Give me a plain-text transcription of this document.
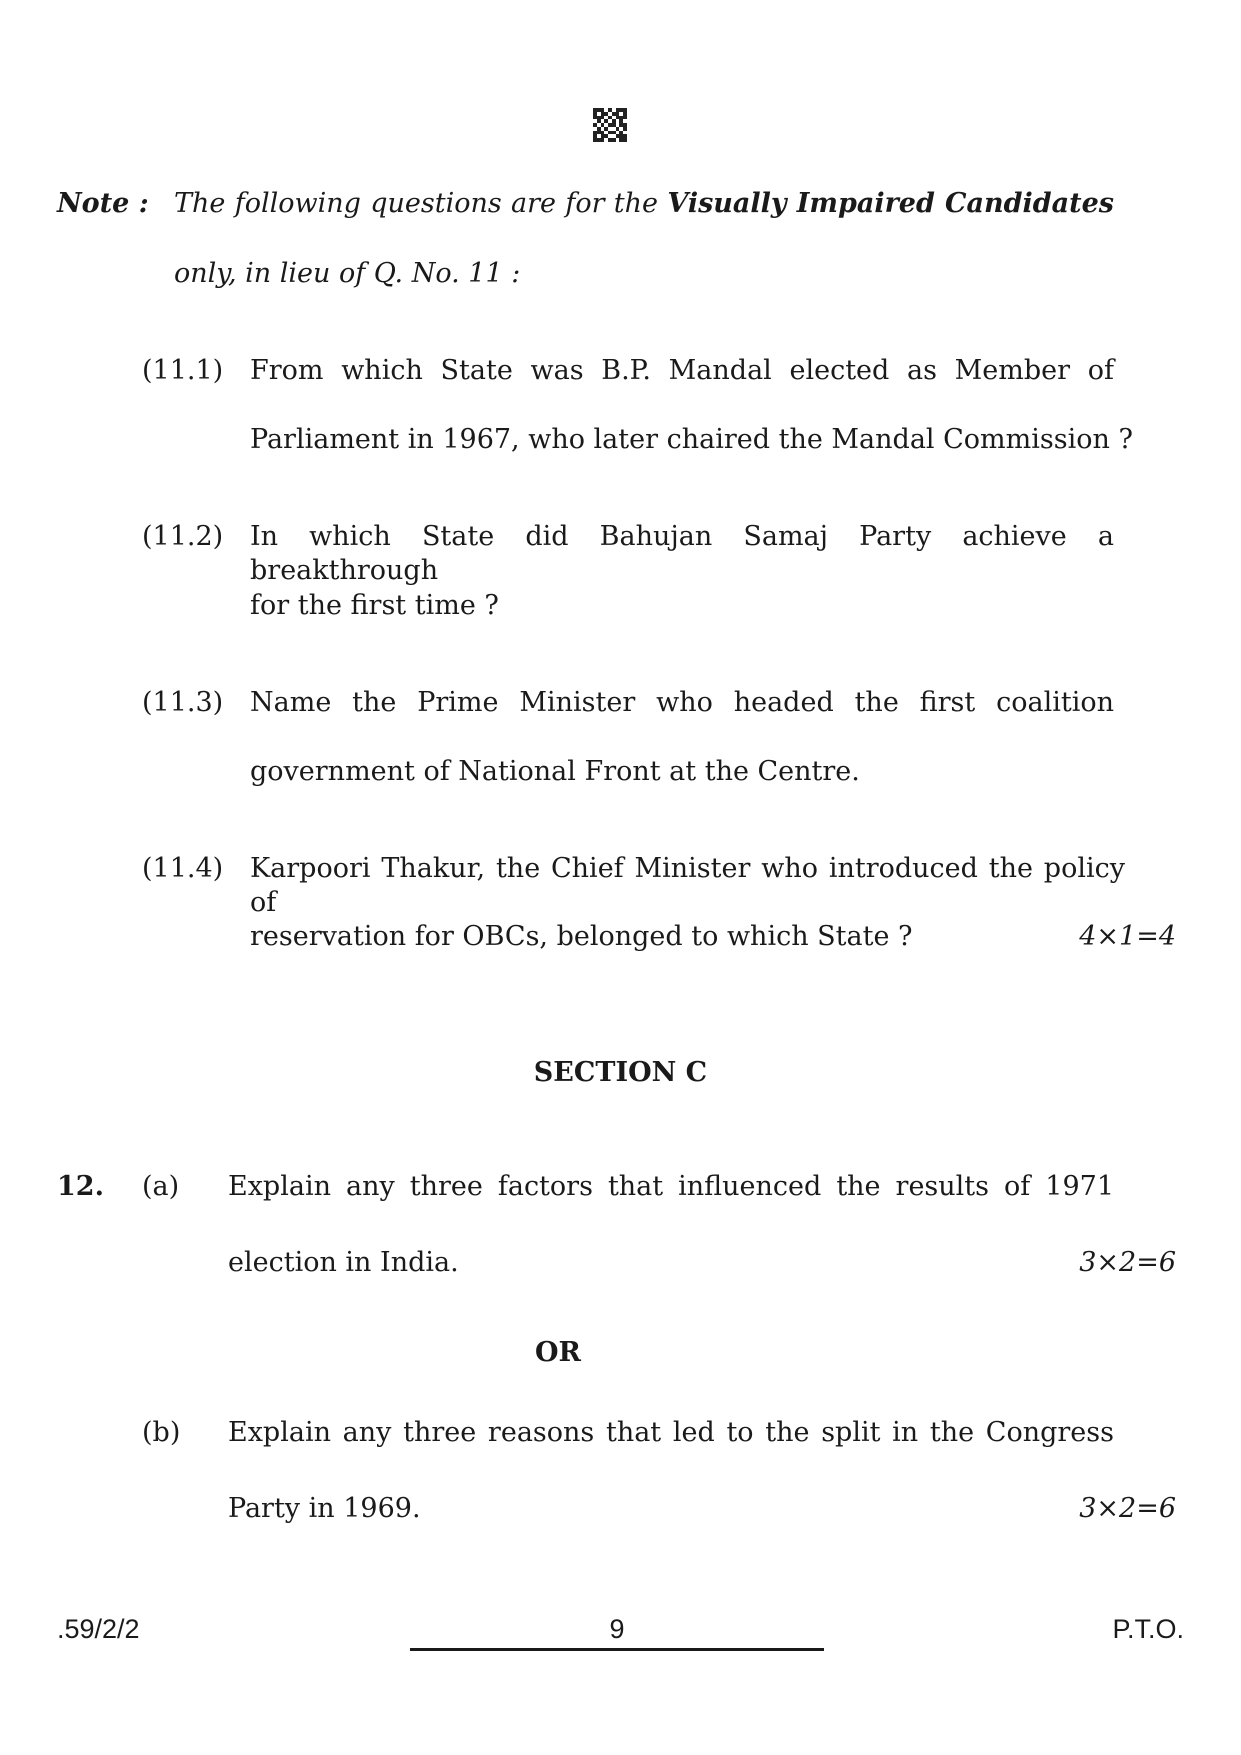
Note : The following questions are for the Visually Impaired Candidates
only, in lieu of Q. No. 11 :
(11.1) From which State was B.P. Mandal elected as Member of
Parliament in 1967, who later chaired the Mandal Commission ?
(11.2) In which State did Bahujan Samaj Party achieve a breakthrough
for the first time ?
(11.3) Name the Prime Minister who headed the first coalition
government of National Front at the Centre.
(11.4) Karpoori Thakur, the Chief Minister who introduced the policy of
reservation for OBCs, belonged to which State ?	4×1=4
SECTION C
12. (a) Explain any three factors that influenced the results of 1971
election in India.	3×2=6
OR
(b) Explain any three reasons that led to the split in the Congress
Party in 1969.	3×2=6
.59/2/2	9	P.T.O.
